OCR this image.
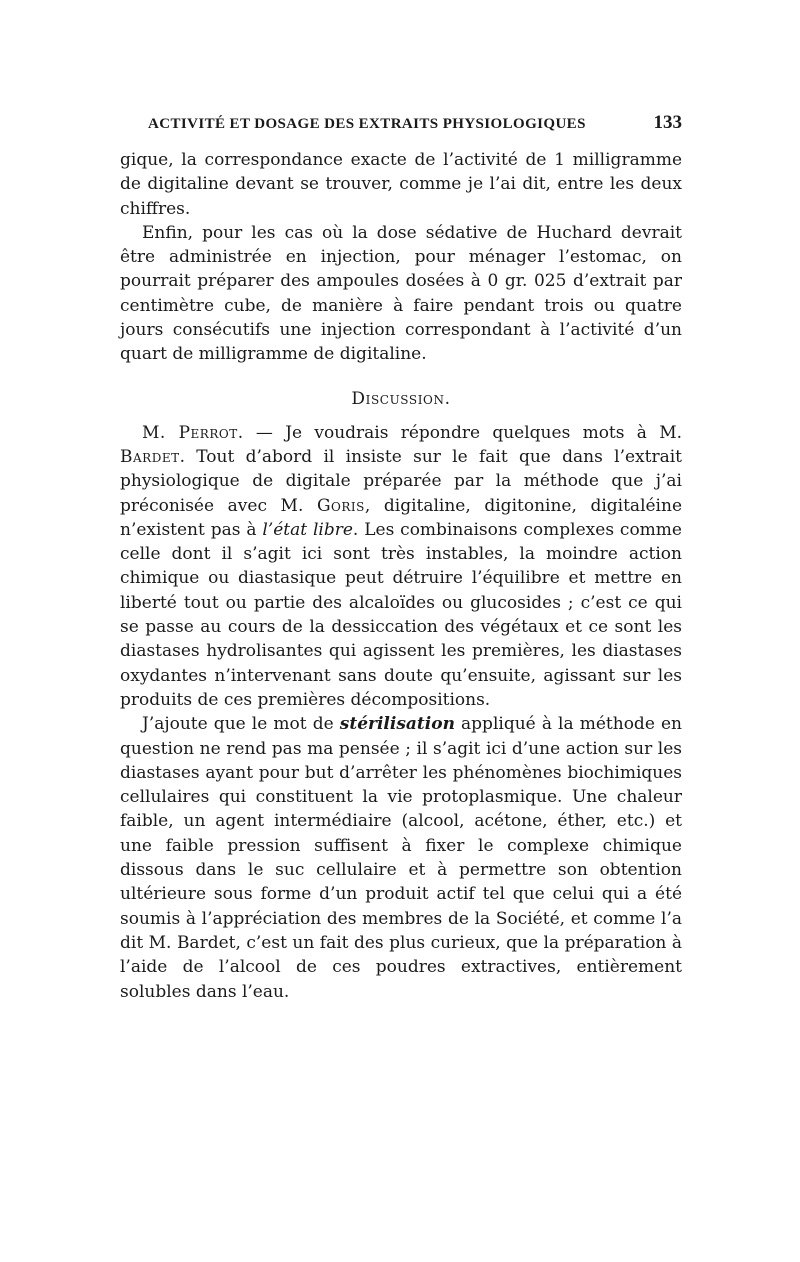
ACTIVITÉ ET DOSAGE DES EXTRAITS PHYSIOLOGIQUES	133

gique, la correspondance exacte de l’activité de 1 milligramme de digitaline devant se trouver, comme je l’ai dit, entre les deux chiffres.

Enfin, pour les cas où la dose sédative de Huchard devrait être administrée en injection, pour ménager l’estomac, on pourrait préparer des ampoules dosées à 0 gr. 025 d’extrait par centimètre cube, de manière à faire pendant trois ou quatre jours consécutifs une injection correspondant à l’activité d’un quart de milligramme de digitaline.

Discussion.

M. Perrot. — Je voudrais répondre quelques mots à M. Bardet. Tout d’abord il insiste sur le fait que dans l’extrait physiologique de digitale préparée par la méthode que j’ai préconisée avec M. Goris, digitaline, digitonine, digitaléine n’existent pas à l’état libre. Les combinaisons complexes comme celle dont il s’agit ici sont très instables, la moindre action chimique ou diastasique peut détruire l’équilibre et mettre en liberté tout ou partie des alcaloïdes ou glucosides ; c’est ce qui se passe au cours de la dessiccation des végétaux et ce sont les diastases hydrolisantes qui agissent les premières, les diastases oxydantes n’intervenant sans doute qu’ensuite, agissant sur les produits de ces premières décompositions.

J’ajoute que le mot de stérilisation appliqué à la méthode en question ne rend pas ma pensée ; il s’agit ici d’une action sur les diastases ayant pour but d’arrêter les phénomènes biochimiques cellulaires qui constituent la vie protoplasmique. Une chaleur faible, un agent intermédiaire (alcool, acétone, éther, etc.) et une faible pression suffisent à fixer le complexe chimique dissous dans le suc cellulaire et à permettre son obtention ultérieure sous forme d’un produit actif tel que celui qui a été soumis à l’appréciation des membres de la Société, et comme l’a dit M. Bardet, c’est un fait des plus curieux, que la préparation à l’aide de l’alcool de ces poudres extractives, entièrement solubles dans l’eau.
